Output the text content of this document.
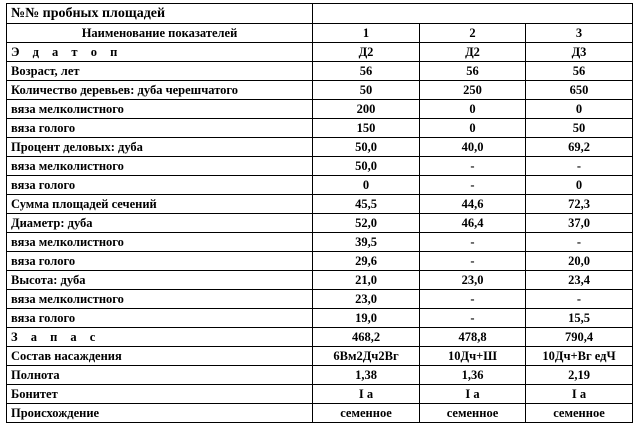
№№ пробных площадей			
Наименование показателей	1	2	3
Э д а т о п	Д2	Д2	Д3
Возраст, лет	56	56	56
Количество деревьев: дуба черешчатого	50	250	650
вяза мелколистного	200	0	0
вяза голого	150	0	50
Процент деловых: дуба	50,0	40,0	69,2
вяза мелколистного	50,0	-	-
вяза голого	0	-	0
Сумма площадей сечений	45,5	44,6	72,3
Диаметр: дуба	52,0	46,4	37,0
вяза мелколистного	39,5	-	-
вяза голого	29,6	-	20,0
Высота: дуба	21,0	23,0	23,4
вяза мелколистного	23,0	-	-
вяза голого	19,0	-	15,5
З а п а с	468,2	478,8	790,4
Состав насаждения	6Вм2Дч2Вг	10Дч+Ш	10Дч+Вг едЧ
Полнота	1,38	1,36	2,19
Бонитет	I а	I а	I а
Происхождение	семенное	семенное	семенное
